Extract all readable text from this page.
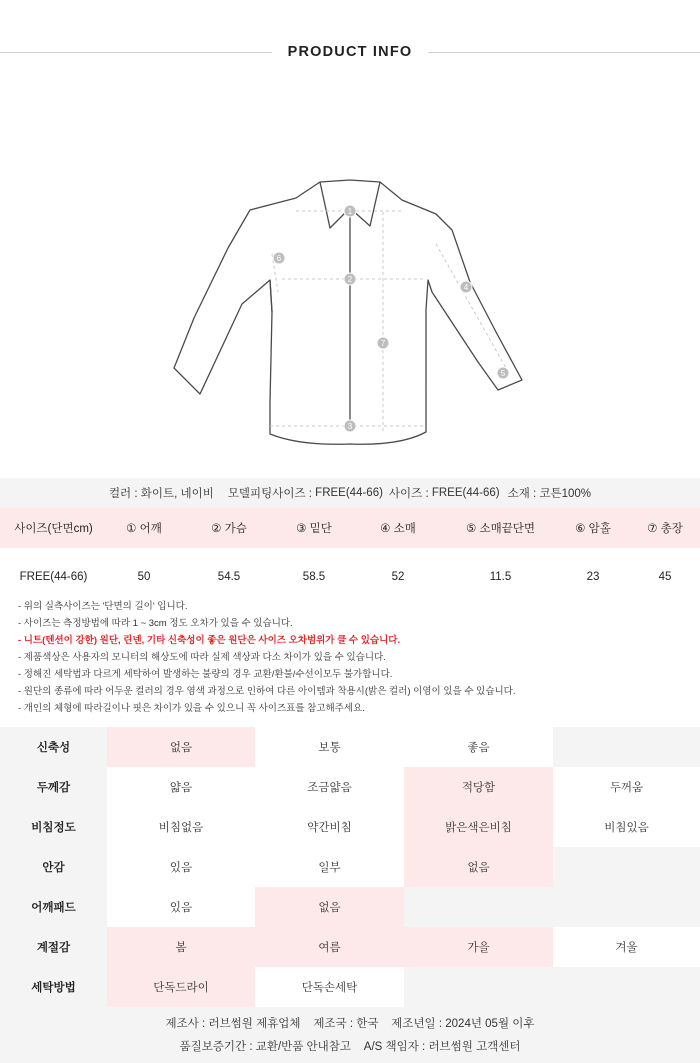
PRODUCT INFO
1
2
3
4
5
6
7
컬러 : 화이트, 네이비 모델피팅사이즈 : FREE(44-66) 사이즈 : FREE(44-66) 소재 : 코튼100%
사이즈(단면cm)	① 어깨	② 가슴	③ 밑단	④ 소매	⑤ 소매끝단면	⑥ 암홀	⑦ 총장
FREE(44-66)	50	54.5	58.5	52	11.5	23	45
- 위의 실측사이즈는 '단면의 길이' 입니다.
- 사이즈는 측정방법에 따라 1 ~ 3cm 정도 오차가 있을 수 있습니다.
- 니트(텐션이 강한) 원단, 린넨, 기타 신축성이 좋은 원단은 사이즈 오차범위가 클 수 있습니다.
- 제품색상은 사용자의 모니터의 해상도에 따라 실제 색상과 다소 차이가 있을 수 있습니다.
- 정해진 세탁법과 다르게 세탁하여 발생하는 불량의 경우 교환/환불/수선이모두 불가합니다.
- 원단의 종류에 따라 어두운 컬러의 경우 염색 과정으로 인하여 다른 아이템과 착용시(밝은 컬러) 이염이 있을 수 있습니다.
- 개인의 체형에 따라길이나 핏은 차이가 있을 수 있으니 꼭 사이즈표를 참고해주세요.
신축성	없음	보통	좋음
두께감	얇음	조금얇음	적당함	두꺼움
비침정도	비침없음	약간비침	밝은색은비침	비침있음
안감	있음	일부	없음
어깨패드	있음	없음
계절감	봄	여름	가을	겨울
세탁방법	단독드라이	단독손세탁
제조사 : 러브썸원 제휴업체 제조국 : 한국 제조년일 : 2024년 05월 이후
품질보증기간 : 교환/반품 안내참고 A/S 책임자 : 러브썸원 고객센터
